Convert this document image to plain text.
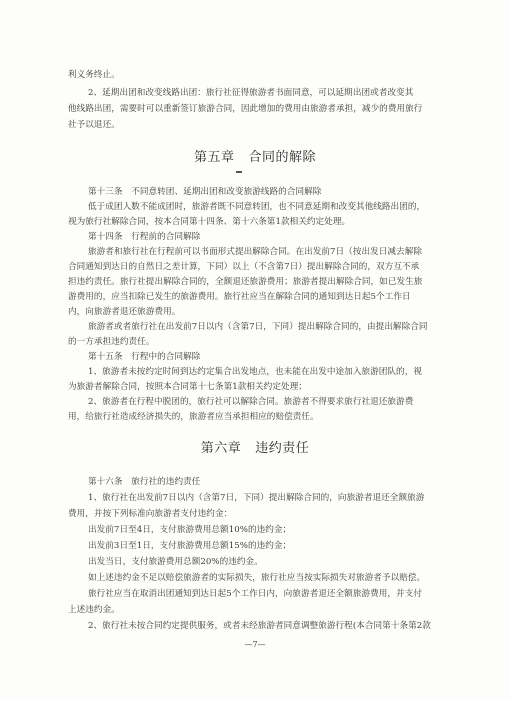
利义务终止。
2、延期出团和改变线路出团：旅行社征得旅游者书面同意，可以延期出团或者改变其
他线路出团，需要时可以重新签订旅游合同，因此增加的费用由旅游者承担，减少的费用旅行
社予以退还。
第五章 合同的解除
第十三条　不同意转团、延期出团和改变旅游线路的合同解除
低于成团人数不能成团时，旅游者既不同意转团，也不同意延期和改变其他线路出团的，
视为旅行社解除合同，按本合同第十四条、第十六条第1款相关约定处理。
第十四条　行程前的合同解除
旅游者和旅行社在行程前可以书面形式提出解除合同。在出发前7日（按出发日减去解除
合同通知到达日的自然日之差计算，下同）以上（不含第7日）提出解除合同的，双方互不承
担违约责任。旅行社提出解除合同的，全额退还旅游费用；旅游者提出解除合同，如已发生旅
游费用的，应当扣除已发生的旅游费用。旅行社应当在解除合同的通知到达日起5个工作日
内，向旅游者退还旅游费用。
旅游者或者旅行社在出发前7日以内（含第7日，下同）提出解除合同的，由提出解除合同
的一方承担违约责任。
第十五条　行程中的合同解除
1、旅游者未按约定时间到达约定集合出发地点，也未能在出发中途加入旅游团队的，视
为旅游者解除合同，按照本合同第十七条第1款相关约定处理；
2、旅游者在行程中脱团的，旅行社可以解除合同。旅游者不得要求旅行社退还旅游费
用，给旅行社造成经济损失的，旅游者应当承担相应的赔偿责任。
第六章 违约责任
第十六条　旅行社的违约责任
1、旅行社在出发前7日以内（含第7日，下同）提出解除合同的，向旅游者退还全额旅游
费用，并按下列标准向旅游者支付违约金：
出发前7日至4日，支付旅游费用总额10%的违约金；
出发前3日至1日，支付旅游费用总额15%的违约金；
出发当日，支付旅游费用总额20%的违约金。
如上述违约金不足以赔偿旅游者的实际损失，旅行社应当按实际损失对旅游者予以赔偿。
旅行社应当在取消出团通知到达日起5个工作日内，向旅游者退还全额旅游费用，并支付
上述违约金。
2、旅行社未按合同约定提供服务，或者未经旅游者同意调整旅游行程(本合同第十条第2款
—7—
